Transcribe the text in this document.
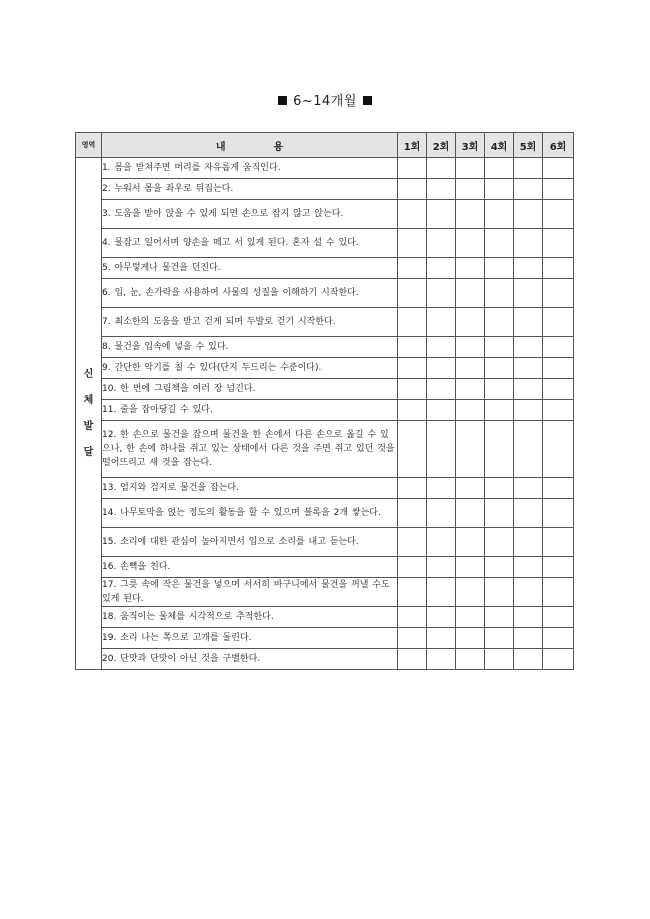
6~14개월
영역	내용	1회	2회	3회	4회	5회	6회

신
체
발
달	1. 몸을 받쳐주면 머리를 자유롭게 움직인다.						
	2. 누워서 몸을 좌우로 뒤집는다.						
	3. 도움을 받아 앉을 수 있게 되면 손으로 잡지 않고 앉는다.						
	4. 물잡고 일어서며 양손을 떼고 서 있게 된다. 혼자 설 수 있다.						
	5. 아무렇게나 물건을 던진다.						
	6. 입, 눈, 손가락을 사용하여 사물의 성질을 이해하기 시작한다.						
	7. 최소한의 도움을 받고 걷게 되며 두발로 걷기 시작한다.						
	8. 물건을 입속에 넣을 수 있다.						
	9. 간단한 악기를 칠 수 있다(단지 두드리는 수준이다).						
	10. 한 번에 그림책을 여러 장 넘긴다.						
	11. 줄을 잡아당길 수 있다.						
	12. 한 손으로 물건을 잡으며 물건을 한 손에서 다른 손으로 옮길 수 있으나, 한 손에 하나를 쥐고 있는 상태에서 다른 것을 주면 쥐고 있던 것을 떨어뜨리고 새 것을 잡는다.						
	13. 엄지와 검지로 물건을 잡는다.						
	14. 나무토막을 얹는 정도의 활동을 할 수 있으며 블록을 2개 쌓는다.						
	15. 소리에 대한 관심이 높아지면서 입으로 소리를 내고 듣는다.						
	16. 손뼉을 친다.						
	17. 그릇 속에 작은 물건을 넣으며 서서히 바구니에서 물건을 꺼낼 수도 있게 된다.						
	18. 움직이는 물체를 시각적으로 추적한다.						
	19. 소리 나는 쪽으로 고개를 돌린다.						
	20. 단맛과 단맛이 아닌 것을 구별한다.						
